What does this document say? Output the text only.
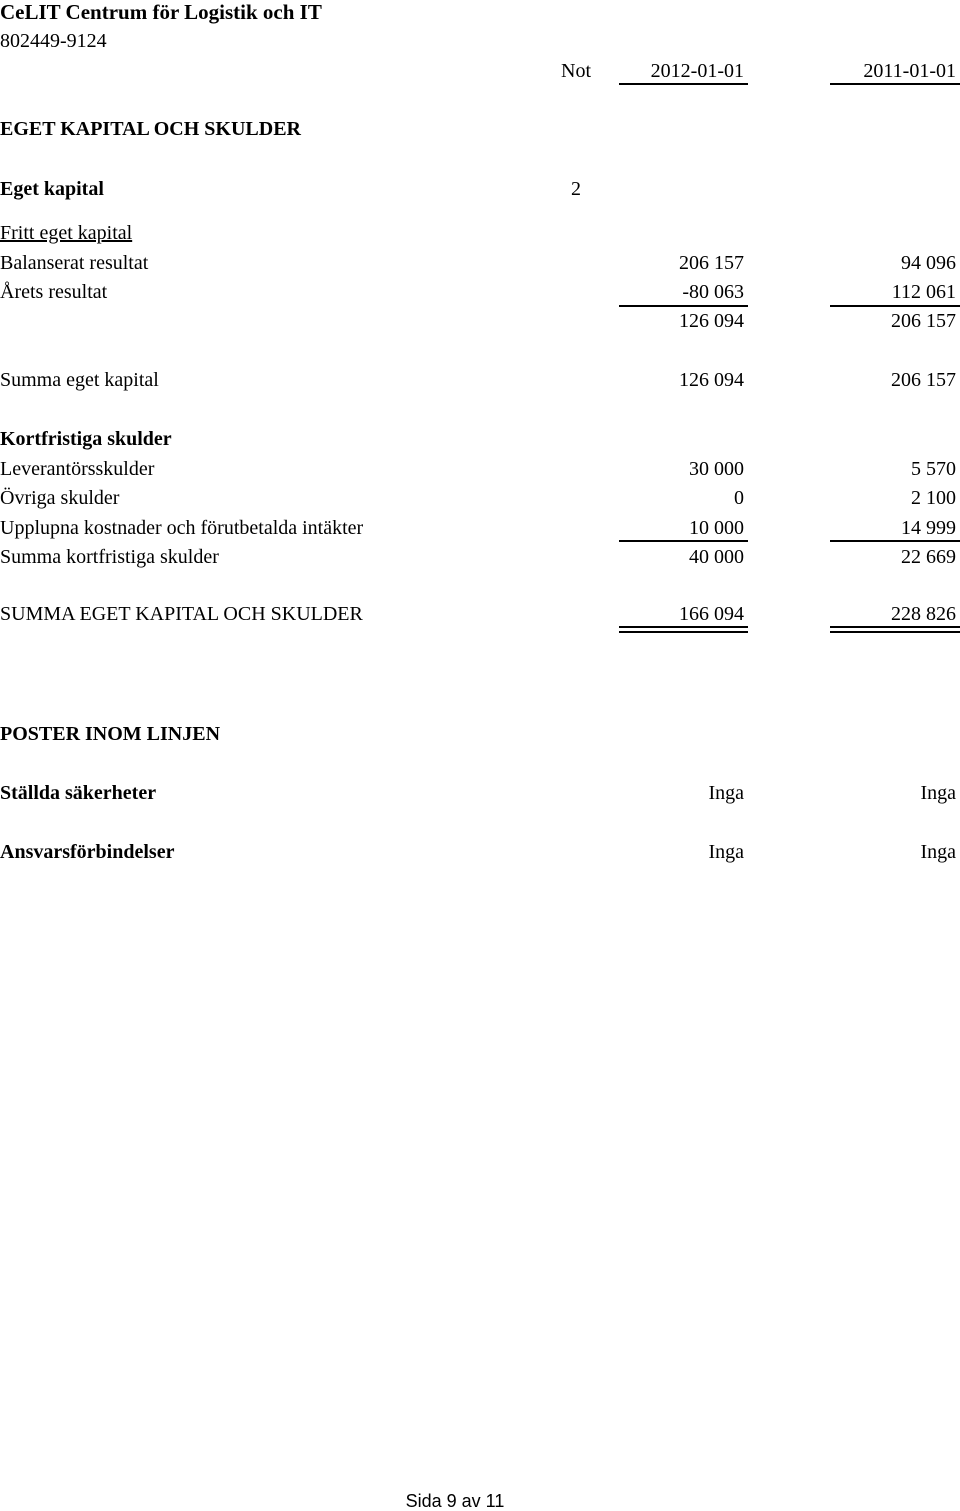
CeLIT Centrum för Logistik och IT
802449-9124
Not	2012-01-01	2011-01-01
EGET KAPITAL OCH SKULDER
Eget kapital	2
Fritt eget kapital
Balanserat resultat	206 157	94 096
Årets resultat	-80 063	112 061
126 094	206 157
Summa eget kapital	126 094	206 157
Kortfristiga skulder
Leverantörsskulder	30 000	5 570
Övriga skulder	0	2 100
Upplupna kostnader och förutbetalda intäkter	10 000	14 999
Summa kortfristiga skulder	40 000	22 669
SUMMA EGET KAPITAL OCH SKULDER	166 094	228 826
POSTER INOM LINJEN
Ställda säkerheter	Inga	Inga
Ansvarsförbindelser	Inga	Inga
Sida 9 av 11
